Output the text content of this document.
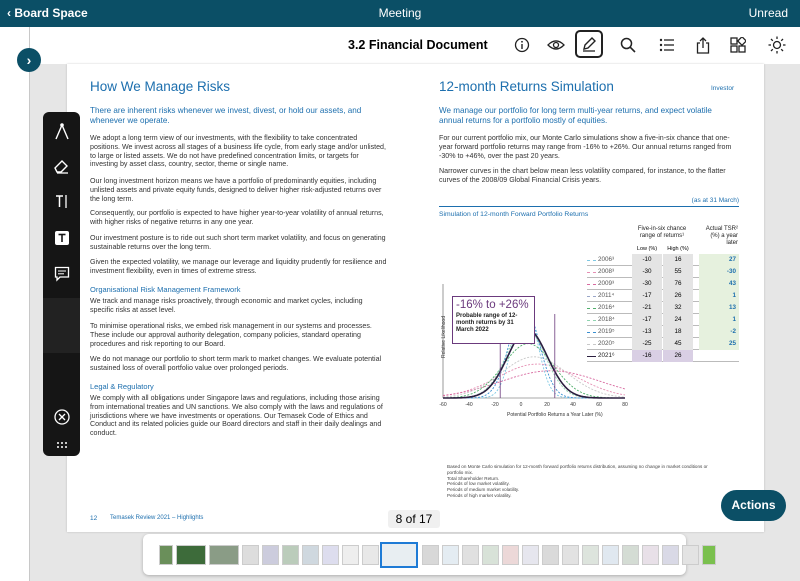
‹ Board Space	Meeting	Unread
3.2 Financial Document
›
How We Manage Risks
There are inherent risks whenever we invest, divest, or hold our assets, and whenever we operate.
We adopt a long term view of our investments, with the flexibility to take concentrated positions. We invest across all stages of a business life cycle, from early stage and/or unlisted, to large or listed assets. We do not have predefined concentration limits, or targets for investing by asset class, country, sector, theme or single name.
Our long investment horizon means we have a portfolio of predominantly equities, including unlisted assets and private equity funds, designed to deliver higher risk-adjusted returns over the long term.
Consequently, our portfolio is expected to have higher year-to-year volatility of annual returns, with higher risks of negative returns in any one year.
Our investment posture is to ride out such short term market volatility, and focus on generating sustainable returns over the long term.
Given the expected volatility, we manage our leverage and liquidity prudently for resilience and investment flexibility, even in times of extreme stress.
Organisational Risk Management Framework
We track and manage risks proactively, through economic and market cycles, including specific risks at asset level.
To minimise operational risks, we embed risk management in our systems and processes. These include our approval authority delegation, company policies, standard operating procedures and risk reporting to our Board.
We do not manage our portfolio to short term mark to market changes. We evaluate potential sustained loss of overall portfolio value over prolonged periods.
Legal & Regulatory
We comply with all obligations under Singapore laws and regulations, including those arising from international treaties and UN sanctions. We also comply with the laws and regulations of jurisdictions where we have investments or operations. Our Temasek Code of Ethics and Conduct and its related policies guide our Board directors and staff in their daily dealings and conduct.
12 Temasek Review 2021 – Highlights
12-month Returns Simulation	Investor
We manage our portfolio for long term multi-year returns, and expect volatile annual returns for a portfolio mostly of equities.
For our current portfolio mix, our Monte Carlo simulations show a five-in-six chance that one-year forward portfolio returns may range from -16% to +26%. Our annual returns ranged from -30% to +46%, over the past 20 years.
Narrower curves in the chart below mean less volatility compared, for instance, to the flatter curves of the 2008/09 Global Financial Crisis years.
(as at 31 March)
Simulation of 12-month Forward Portfolio Returns
-60	-40	-20	0	20	40	60	80
Relative Likelihood
Potential Portfolio Returns a Year Later (%)
-16% to +26%
Probable range of 12-month returns by 31 March 2022
Five-in-six chance range of returns¹
Low (%)	High (%)
Actual TSR² (%) a year later
2006³	-10	16	27
2008³	-30	55	-30
2009³	-30	76	43
2011⁴	-17	26	1
2016⁴	-21	32	13
2018⁴	-17	24	1
2019⁵	-13	18	-2
2020⁵	-25	45	25
2021⁶	-16	26
Based on Monte Carlo simulation for 12-month forward portfolio returns distribution, assuming no change in market conditions or portfolio mix.
Total Shareholder Return.
Periods of low market volatility.
Periods of medium market volatility.
Periods of high market volatility.
8 of 17
Actions
